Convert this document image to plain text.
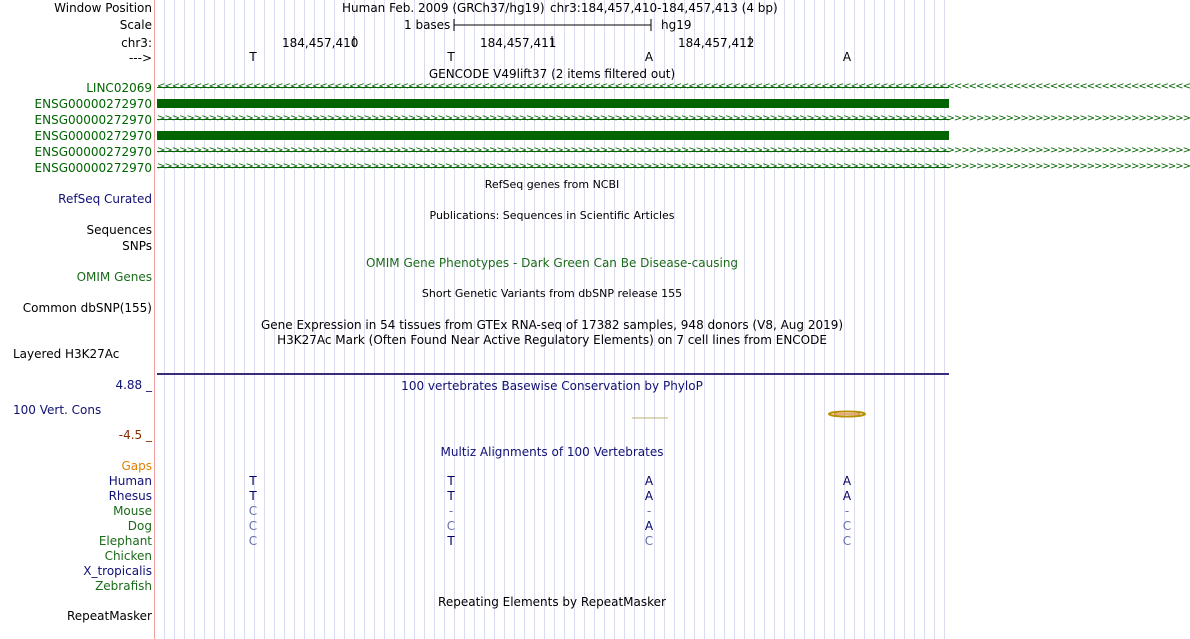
Window Position	Human Feb. 2009 (GRCh37/hg19) chr3:184,457,410-184,457,413 (4 bp)
Scale	1 bases	hg19
chr3:	184,457,410	184,457,411	184,457,412
--->	T	T	A	A
GENCODE V49lift37 (2 items filtered out)
LINC02069 <<<<<<<<<<<<<<<<<<<<<<<<<<<<<<<<<<<<<<<<<<<<<<<<<<<<<<<<<<<<<<<<<<<<<<<<<<<<<<<<<<<<<<<<<<<<<<<<<<<<<<<<<<<<<<<<<<<<<<<<<<<<<<<<<<<<<<<<<<<<
ENSG00000272970
ENSG00000272970 >>>>>>>>>>>>>>>>>>>>>>>>>>>>>>>>>>>>>>>>>>>>>>>>>>>>>>>>>>>>>>>>>>>>>>>>>>>>>>>>>>>>>>>>>>>>>>>>>>>>>>>>>>>>>>>>>>>>>>>>>>>>>>>>>>>>>>>>>>>>
ENSG00000272970
ENSG00000272970 >>>>>>>>>>>>>>>>>>>>>>>>>>>>>>>>>>>>>>>>>>>>>>>>>>>>>>>>>>>>>>>>>>>>>>>>>>>>>>>>>>>>>>>>>>>>>>>>>>>>>>>>>>>>>>>>>>>>>>>>>>>>>>>>>>>>>>>>>>>>
ENSG00000272970 >>>>>>>>>>>>>>>>>>>>>>>>>>>>>>>>>>>>>>>>>>>>>>>>>>>>>>>>>>>>>>>>>>>>>>>>>>>>>>>>>>>>>>>>>>>>>>>>>>>>>>>>>>>>>>>>>>>>>>>>>>>>>>>>>>>>>>>>>>>>
RefSeq Curated
RefSeq genes from NCBI
Publications: Sequences in Scientific Articles
Sequences
SNPs
OMIM Gene Phenotypes - Dark Green Can Be Disease-causing
OMIM Genes
Short Genetic Variants from dbSNP release 155
Common dbSNP(155)
Gene Expression in 54 tissues from GTEx RNA-seq of 17382 samples, 948 donors (V8, Aug 2019)
H3K27Ac Mark (Often Found Near Active Regulatory Elements) on 7 cell lines from ENCODE
Layered H3K27Ac
4.88 _	100 vertebrates Basewise Conservation by PhyloP
100 Vert. Cons
-4.5 _
Multiz Alignments of 100 Vertebrates
Gaps
Human	T	T	A	A
Rhesus	T	T	A	A
Mouse	C	-	-	-
Dog	C	C	A	C
Elephant	C	T	C	C
Chicken
X_tropicalis
Zebrafish
Repeating Elements by RepeatMasker
RepeatMasker
